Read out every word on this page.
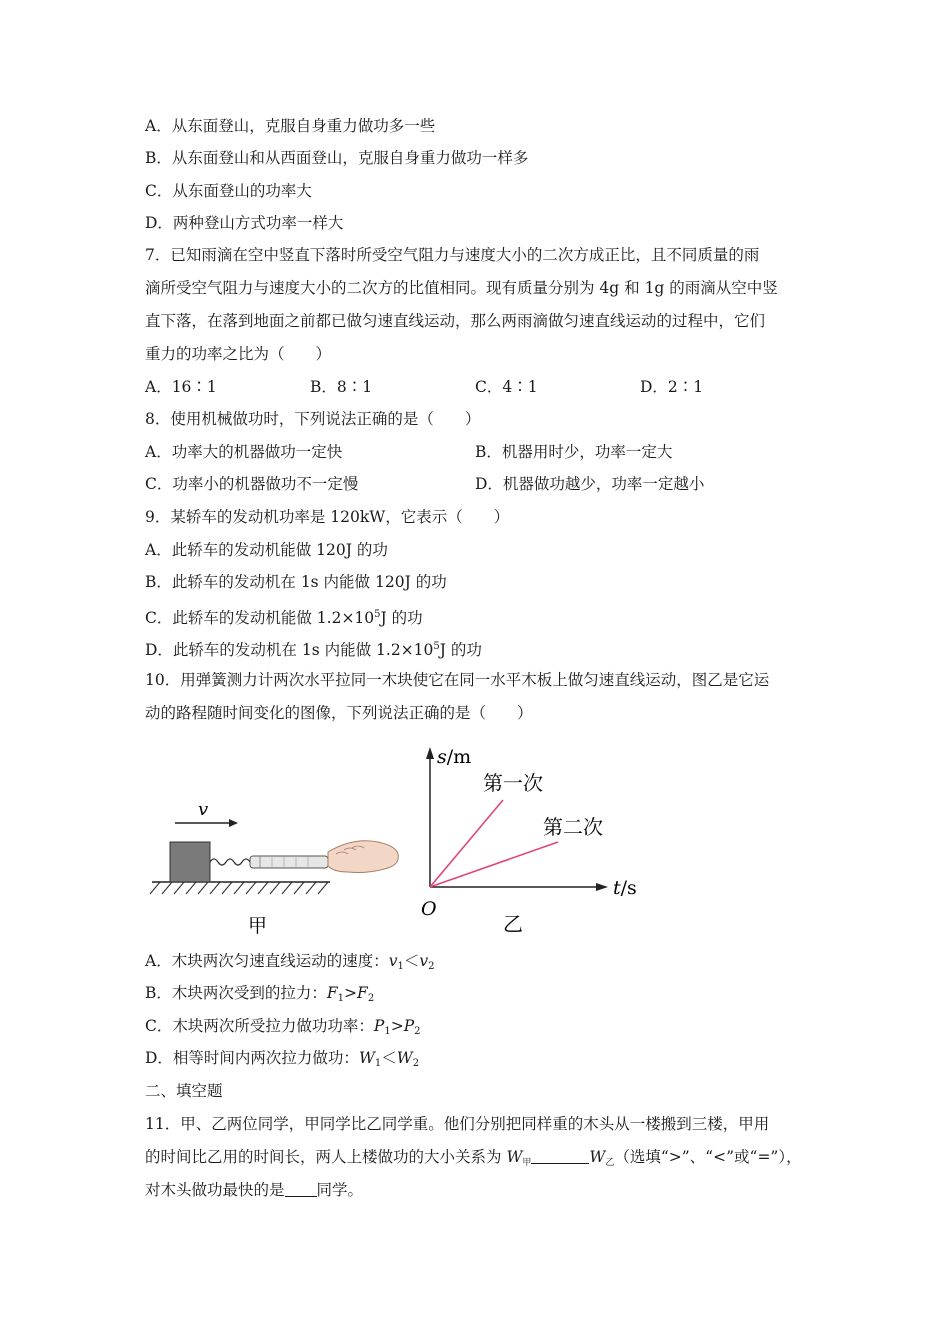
A．从东面登山，克服自身重力做功多一些
B．从东面登山和从西面登山，克服自身重力做功一样多
C．从东面登山的功率大
D．两种登山方式功率一样大
7．已知雨滴在空中竖直下落时所受空气阻力与速度大小的二次方成正比，且不同质量的雨
滴所受空气阻力与速度大小的二次方的比值相同。现有质量分别为 4g 和 1g 的雨滴从空中竖
直下落，在落到地面之前都已做匀速直线运动，那么两雨滴做匀速直线运动的过程中，它们
重力的功率之比为（　　）
A．16∶1	B．8∶1	C．4∶1	D．2∶1
8．使用机械做功时，下列说法正确的是（　　）
A．功率大的机器做功一定快	B．机器用时少，功率一定大
C．功率小的机器做功不一定慢	D．机器做功越少，功率一定越小
9．某轿车的发动机功率是 120kW，它表示（　　）
A．此轿车的发动机能做 120J 的功
B．此轿车的发动机在 1s 内能做 120J 的功
C．此轿车的发动机能做 $1.2\times 10^5J$ 的功
D．此轿车的发动机在 1s 内能做 $1.2\times 10^5J$ 的功
10．用弹簧测力计两次水平拉同一木块使它在同一水平木板上做匀速直线运动，图乙是它运
动的路程随时间变化的图像，下列说法正确的是（　　）
v
甲
s/m
t/s
O
第一次
第二次
乙
A．木块两次匀速直线运动的速度：$v_1<v_2$
B．木块两次受到的拉力：$F_1>F_2$
C．木块两次所受拉力做功功率：$P_1>P_2$
D．相等时间内两次拉力做功：$W_1<W_2$
二、填空题
11．甲、乙两位同学，甲同学比乙同学重。他们分别把同样重的木头从一楼搬到三楼，甲用
的时间比乙用的时间长，两人上楼做功的大小关系为 $W_甲$	$W_乙$（选填“>”、“<”或“=”），
对木头做功最快的是 同学。
